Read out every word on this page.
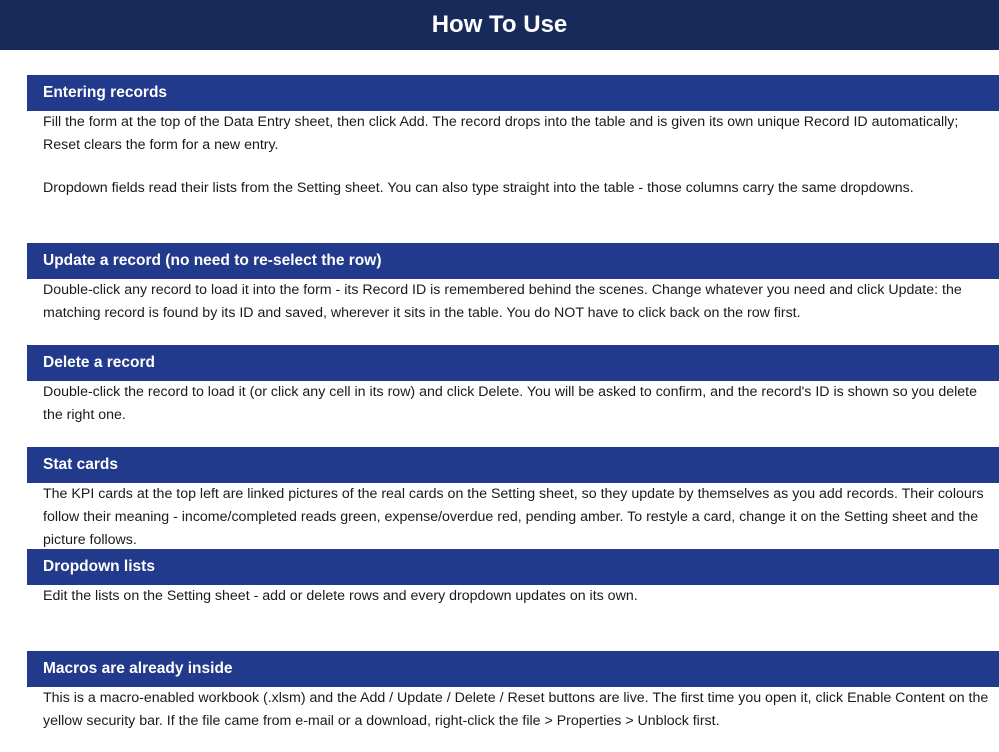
How To Use
Entering records

Fill the form at the top of the Data Entry sheet, then click Add. The record drops into the table and is given its own unique Record ID automatically; Reset clears the form for a new entry.

Dropdown fields read their lists from the Setting sheet. You can also type straight into the table - those columns carry the same dropdowns.

Update a record (no need to re-select the row)

Double-click any record to load it into the form - its Record ID is remembered behind the scenes. Change whatever you need and click Update: the matching record is found by its ID and saved, wherever it sits in the table. You do NOT have to click back on the row first.

Delete a record

Double-click the record to load it (or click any cell in its row) and click Delete. You will be asked to confirm, and the record's ID is shown so you delete the right one.

Stat cards

The KPI cards at the top left are linked pictures of the real cards on the Setting sheet, so they update by themselves as you add records. Their colours follow their meaning - income/completed reads green, expense/overdue red, pending amber. To restyle a card, change it on the Setting sheet and the picture follows.

Dropdown lists

Edit the lists on the Setting sheet - add or delete rows and every dropdown updates on its own.

Macros are already inside

This is a macro-enabled workbook (.xlsm) and the Add / Update / Delete / Reset buttons are live. The first time you open it, click Enable Content on the yellow security bar. If the file came from e-mail or a download, right-click the file > Properties > Unblock first.
